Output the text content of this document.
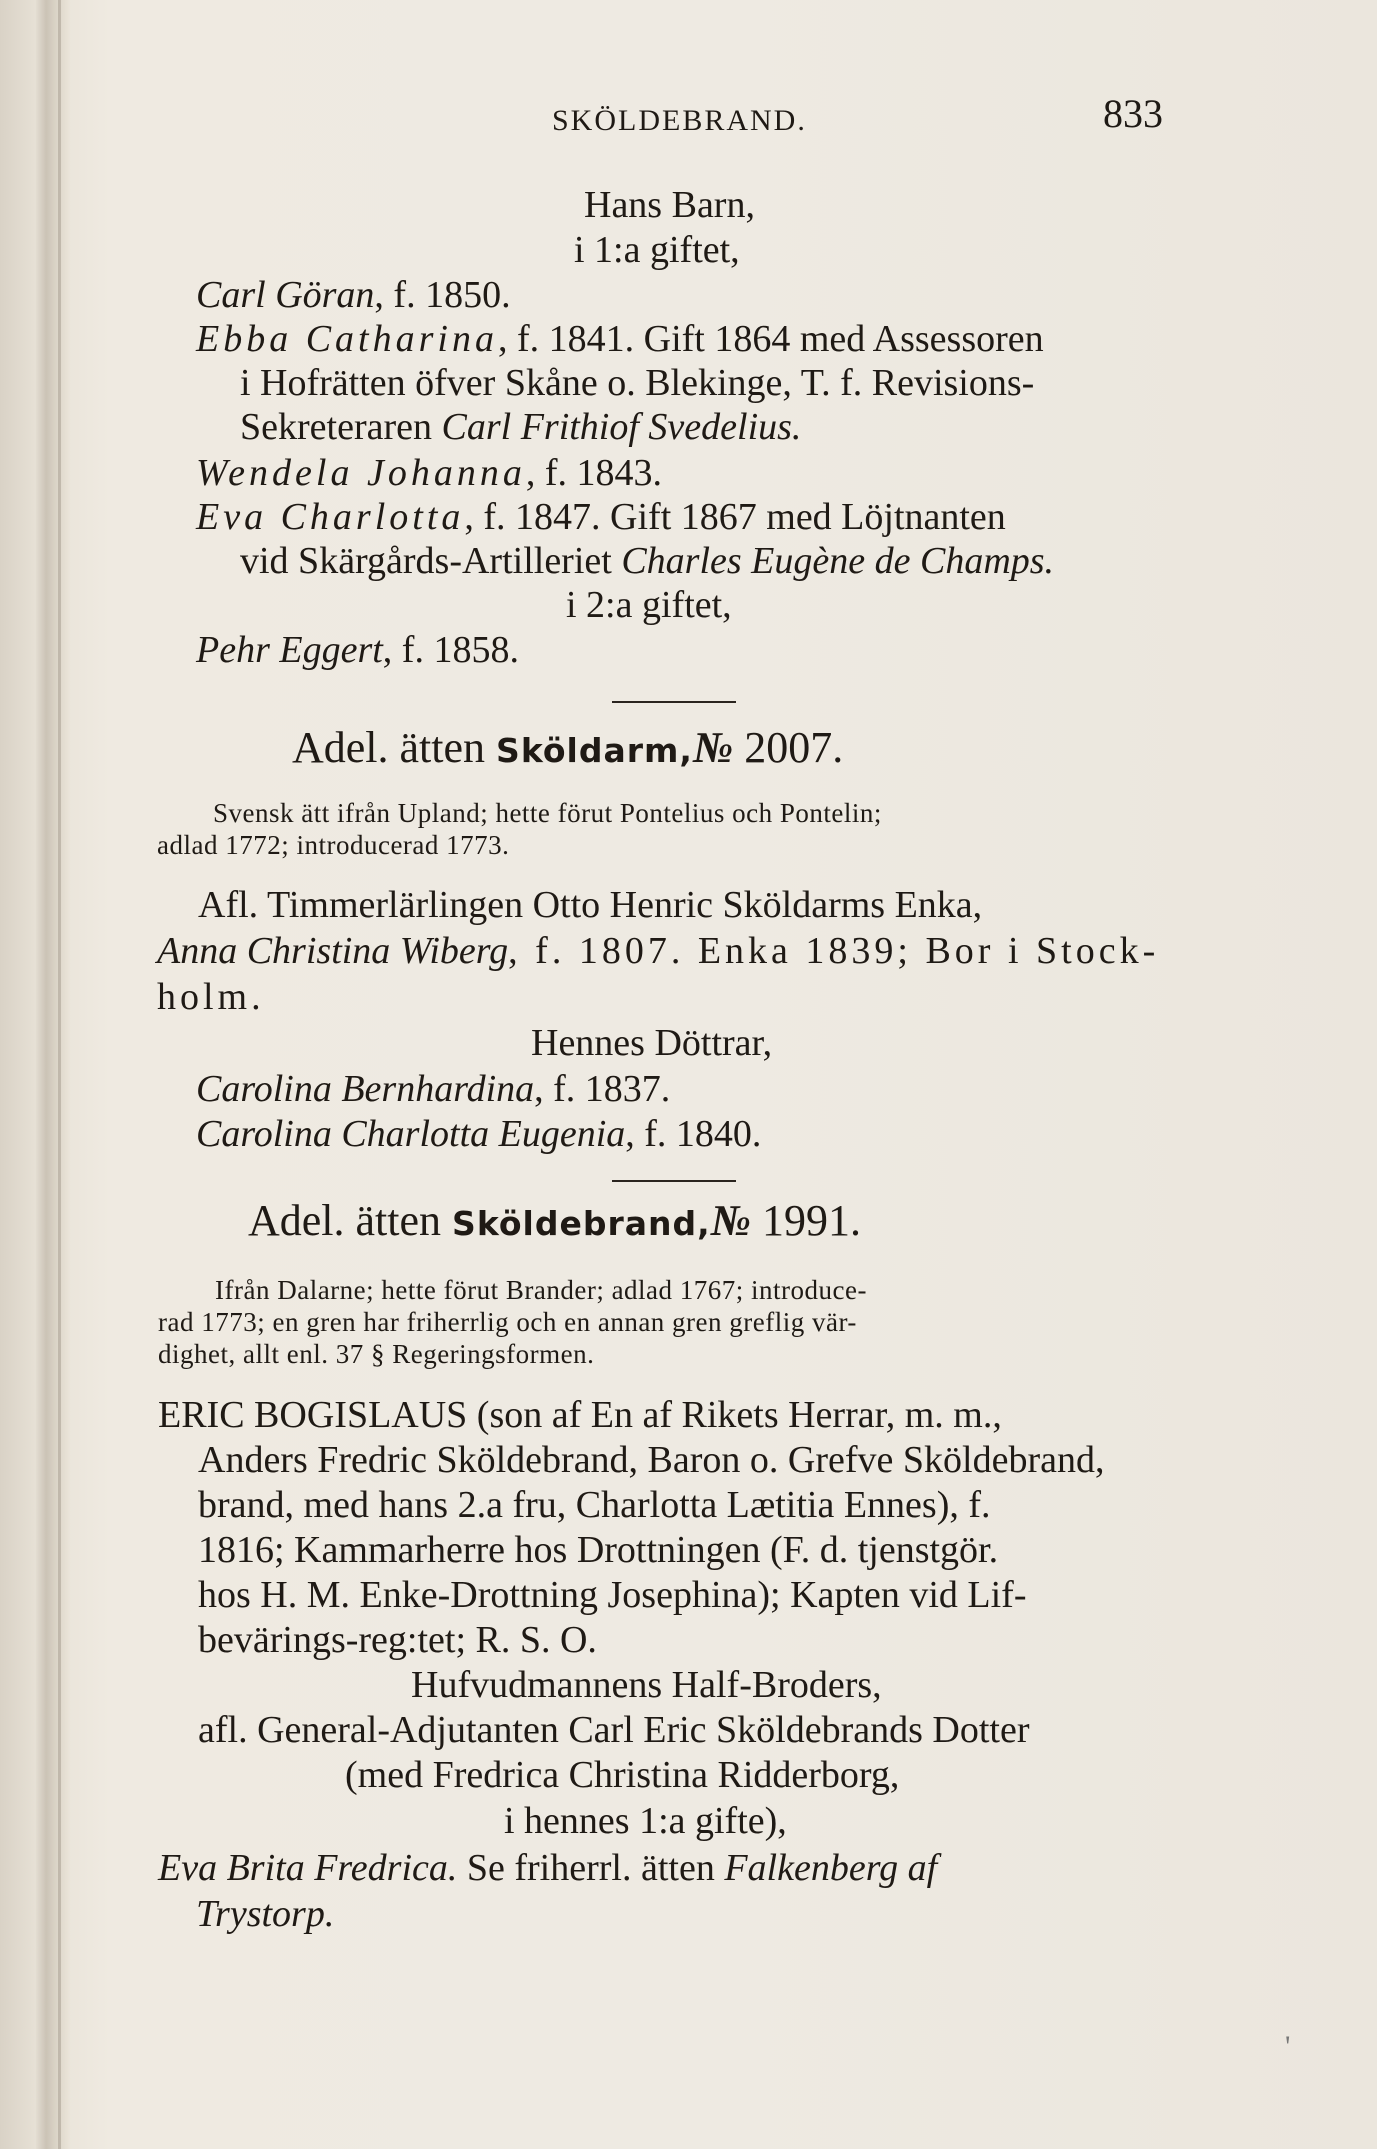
'
SKÖLDEBRAND.	833
Hans Barn,
i 1:a giftet,
Carl Göran, f. 1850.
Ebba Catharina, f. 1841. Gift 1864 med Assessoren
i Hofrätten öfver Skåne o. Blekinge, T. f. Revisions-
Sekreteraren Carl Frithiof Svedelius.
Wendela Johanna, f. 1843.
Eva Charlotta, f. 1847. Gift 1867 med Löjtnanten
vid Skärgårds-Artilleriet Charles Eugène de Champs.
i 2:a giftet,
Pehr Eggert, f. 1858.
Adel. ätten Sköldarm,№ 2007.
Svensk ätt ifrån Upland; hette förut Pontelius och Pontelin;
adlad 1772; introducerad 1773.
Afl. Timmerlärlingen Otto Henric Sköldarms Enka,
Anna Christina Wiberg, f. 1807. Enka 1839; Bor i Stock-
holm.
Hennes Döttrar,
Carolina Bernhardina, f. 1837.
Carolina Charlotta Eugenia, f. 1840.
Adel. ätten Sköldebrand,№ 1991.
Ifrån Dalarne; hette förut Brander; adlad 1767; introduce-
rad 1773; en gren har friherrlig och en annan gren greflig vär-
dighet, allt enl. 37 § Regeringsformen.
ERIC BOGISLAUS (son af En af Rikets Herrar, m. m.,
Anders Fredric Sköldebrand, Baron o. Grefve Sköldebrand,
brand, med hans 2.a fru, Charlotta Lætitia Ennes), f.
1816; Kammarherre hos Drottningen (F. d. tjenstgör.
hos H. M. Enke-Drottning Josephina); Kapten vid Lif-
bevärings-reg:tet; R. S. O.
Hufvudmannens Half-Broders,
afl. General-Adjutanten Carl Eric Sköldebrands Dotter
(med Fredrica Christina Ridderborg,
i hennes 1:a gifte),
Eva Brita Fredrica. Se friherrl. ätten Falkenberg af
Trystorp.
